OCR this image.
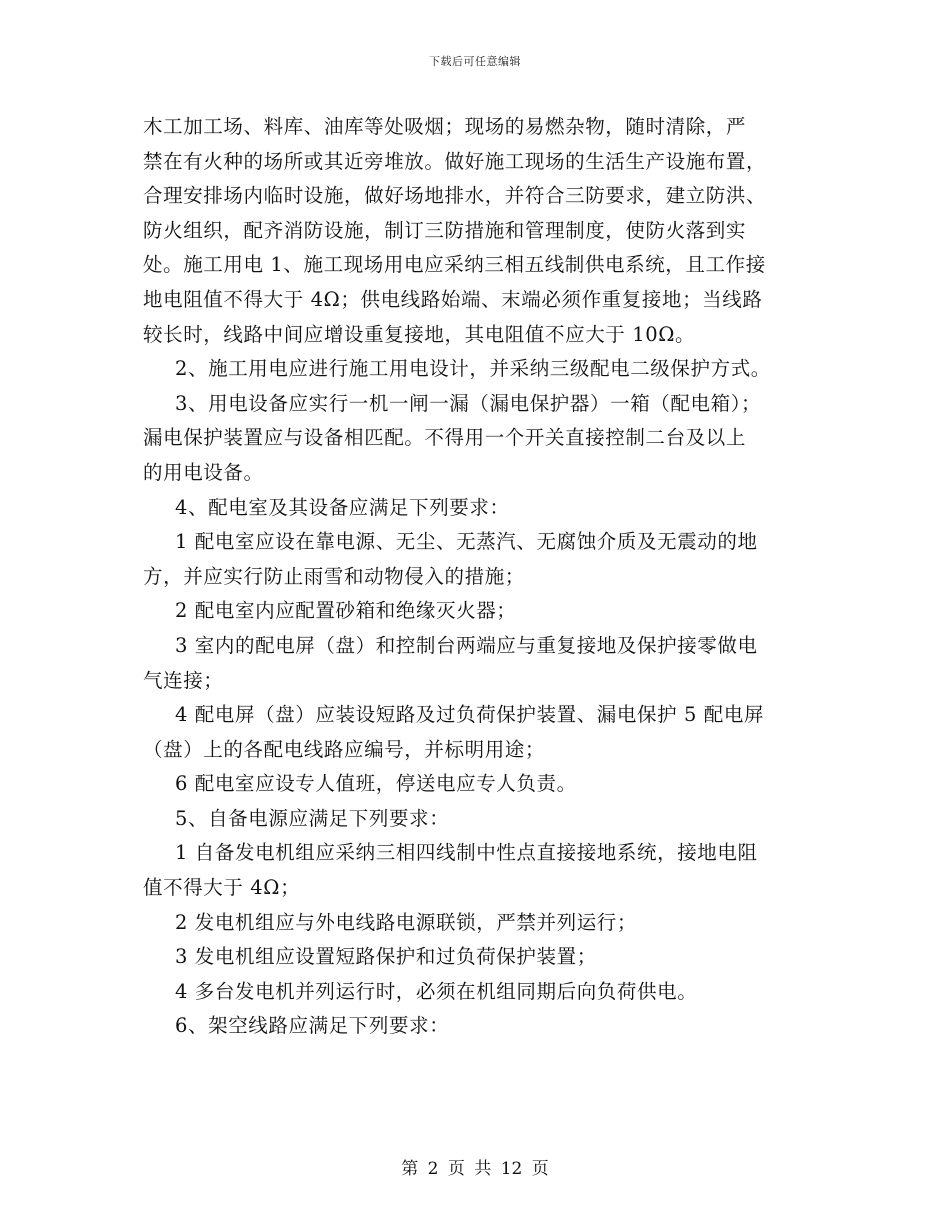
下载后可任意编辑
木工加工场、料库、油库等处吸烟；现场的易燃杂物，随时清除，严
禁在有火种的场所或其近旁堆放。做好施工现场的生活生产设施布置，
合理安排场内临时设施，做好场地排水，并符合三防要求，建立防洪、
防火组织，配齐消防设施，制订三防措施和管理制度，使防火落到实
处。施工用电 1、施工现场用电应采纳三相五线制供电系统，且工作接
地电阻值不得大于 4Ω；供电线路始端、末端必须作重复接地；当线路
较长时，线路中间应增设重复接地，其电阻值不应大于 10Ω。
2、施工用电应进行施工用电设计，并采纳三级配电二级保护方式。
3、用电设备应实行一机一闸一漏（漏电保护器）一箱（配电箱）；
漏电保护装置应与设备相匹配。不得用一个开关直接控制二台及以上
的用电设备。
4、配电室及其设备应满足下列要求：
1 配电室应设在靠电源、无尘、无蒸汽、无腐蚀介质及无震动的地
方，并应实行防止雨雪和动物侵入的措施；
2 配电室内应配置砂箱和绝缘灭火器；
3 室内的配电屏（盘）和控制台两端应与重复接地及保护接零做电
气连接；
4 配电屏（盘）应装设短路及过负荷保护装置、漏电保护 5 配电屏
（盘）上的各配电线路应编号，并标明用途；
6 配电室应设专人值班，停送电应专人负责。
5、自备电源应满足下列要求：
1 自备发电机组应采纳三相四线制中性点直接接地系统，接地电阻
值不得大于 4Ω；
2 发电机组应与外电线路电源联锁，严禁并列运行；
3 发电机组应设置短路保护和过负荷保护装置；
4 多台发电机并列运行时，必须在机组同期后向负荷供电。
6、架空线路应满足下列要求：
第 2 页 共 12 页
